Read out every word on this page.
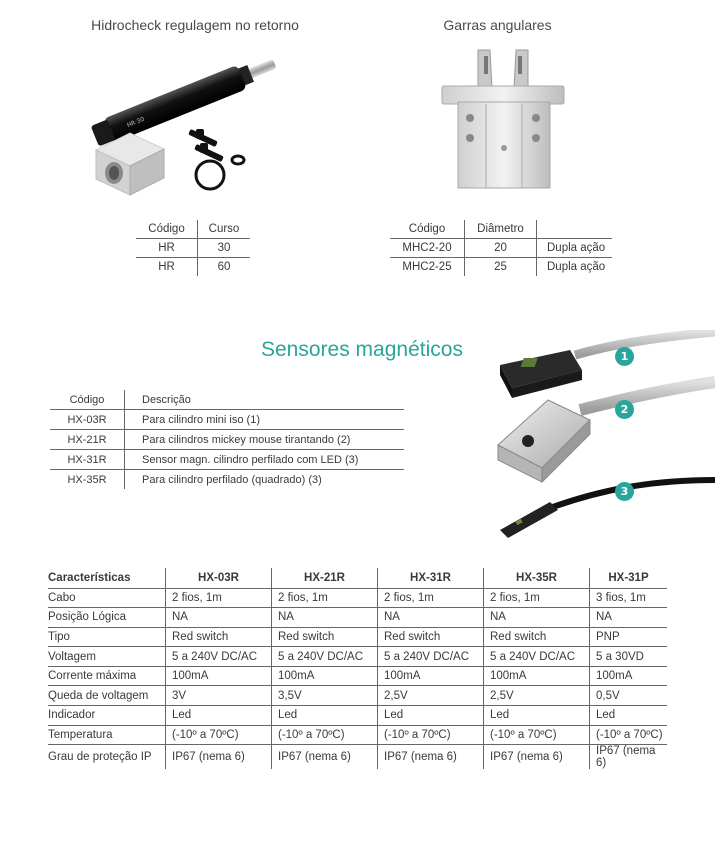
Hidrocheck regulagem no retorno
HR·30
Código	Curso
HR	30
HR	60
Garras angulares
Código	Diâmetro	
MHC2-20	20	Dupla ação
MHC2-25	25	Dupla ação
Sensores magnéticos
Código	Descrição
HX-03R	Para cilindro mini iso (1)
HX-21R	Para cilindros mickey mouse tirantando (2)
HX-31R	Sensor magn. cilindro perfilado com LED (3)
HX-35R	Para cilindro perfilado (quadrado) (3)
1
2
3
Características	HX-03R	HX-21R	HX-31R	HX-35R	HX-31P
Cabo	2 fios, 1m	2 fios, 1m	2 fios, 1m	2 fios, 1m	3 fios, 1m
Posição Lógica	NA	NA	NA	NA	NA
Tipo	Red switch	Red switch	Red switch	Red switch	PNP
Voltagem	5 a 240V DC/AC	5 a 240V DC/AC	5 a 240V DC/AC	5 a 240V DC/AC	5 a 30VD
Corrente máxima	100mA	100mA	100mA	100mA	100mA
Queda de voltagem	3V	3,5V	2,5V	2,5V	0,5V
Indicador	Led	Led	Led	Led	Led
Temperatura	(-10º a 70ºC)	(-10º a 70ºC)	(-10º a 70ºC)	(-10º a 70ºC)	(-10º a 70ºC)
Grau de proteção IP	IP67 (nema 6)	IP67 (nema 6)	IP67 (nema 6)	IP67 (nema 6)	IP67 (nema 6)
